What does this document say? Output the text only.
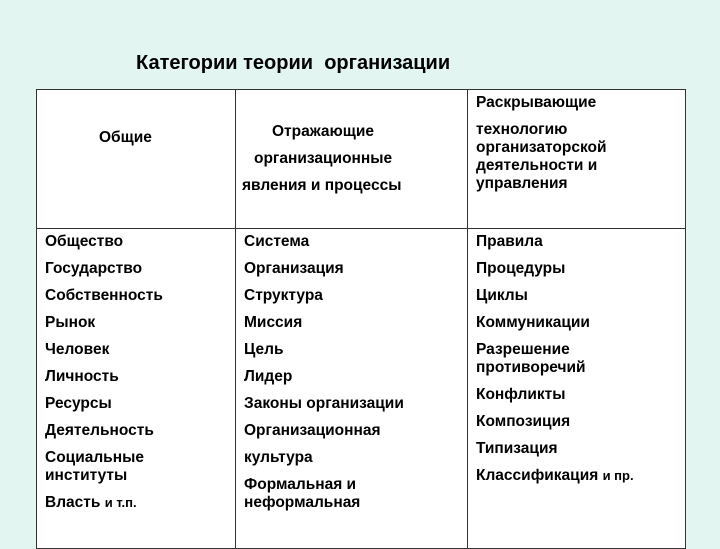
Категории теории  организации
Общие	Отражающие
организационные
явления и процессы
Раскрывающие
технологию организаторской деятельности и управления
Общество
Государство
Собственность
Рынок
Человек
Личность
Ресурсы
Деятельность
Социальные институты
Власть и т.п.
Система
Организация
Структура
Миссия
Цель
Лидер
Законы организации
Организационная
культура
Формальная и неформальная
Правила
Процедуры
Циклы
Коммуникации
Разрешение противоречий
Конфликты
Композиция
Типизация
Классификация и пр.
